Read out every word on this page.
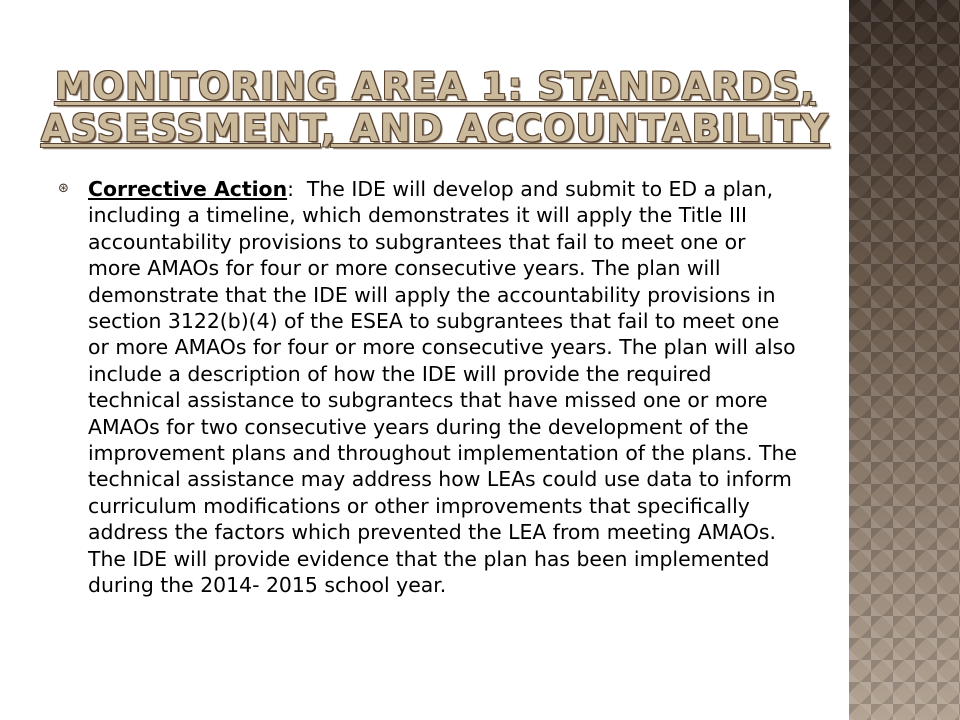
MONITORING AREA 1: STANDARDS,
ASSESSMENT, AND ACCOUNTABILITY
⊛ Corrective Action:  The IDE will develop and submit to ED a plan, including a timeline, which demonstrates it will apply the Title III accountability provisions to subgrantees that fail to meet one or more AMAOs for four or more consecutive years. The plan will demonstrate that the IDE will apply the accountability provisions in section 3122(b)(4) of the ESEA to subgrantees that fail to meet one or more AMAOs for four or more consecutive years. The plan will also include a description of how the IDE will provide the required technical assistance to subgrantecs that have missed one or more AMAOs for two consecutive years during the development of the improvement plans and throughout implementation of the plans. The technical assistance may address how LEAs could use data to inform curriculum modifications or other improvements that specifically address the factors which prevented the LEA from meeting AMAOs. The IDE will provide evidence that the plan has been implemented during the 2014- 2015 school year.
